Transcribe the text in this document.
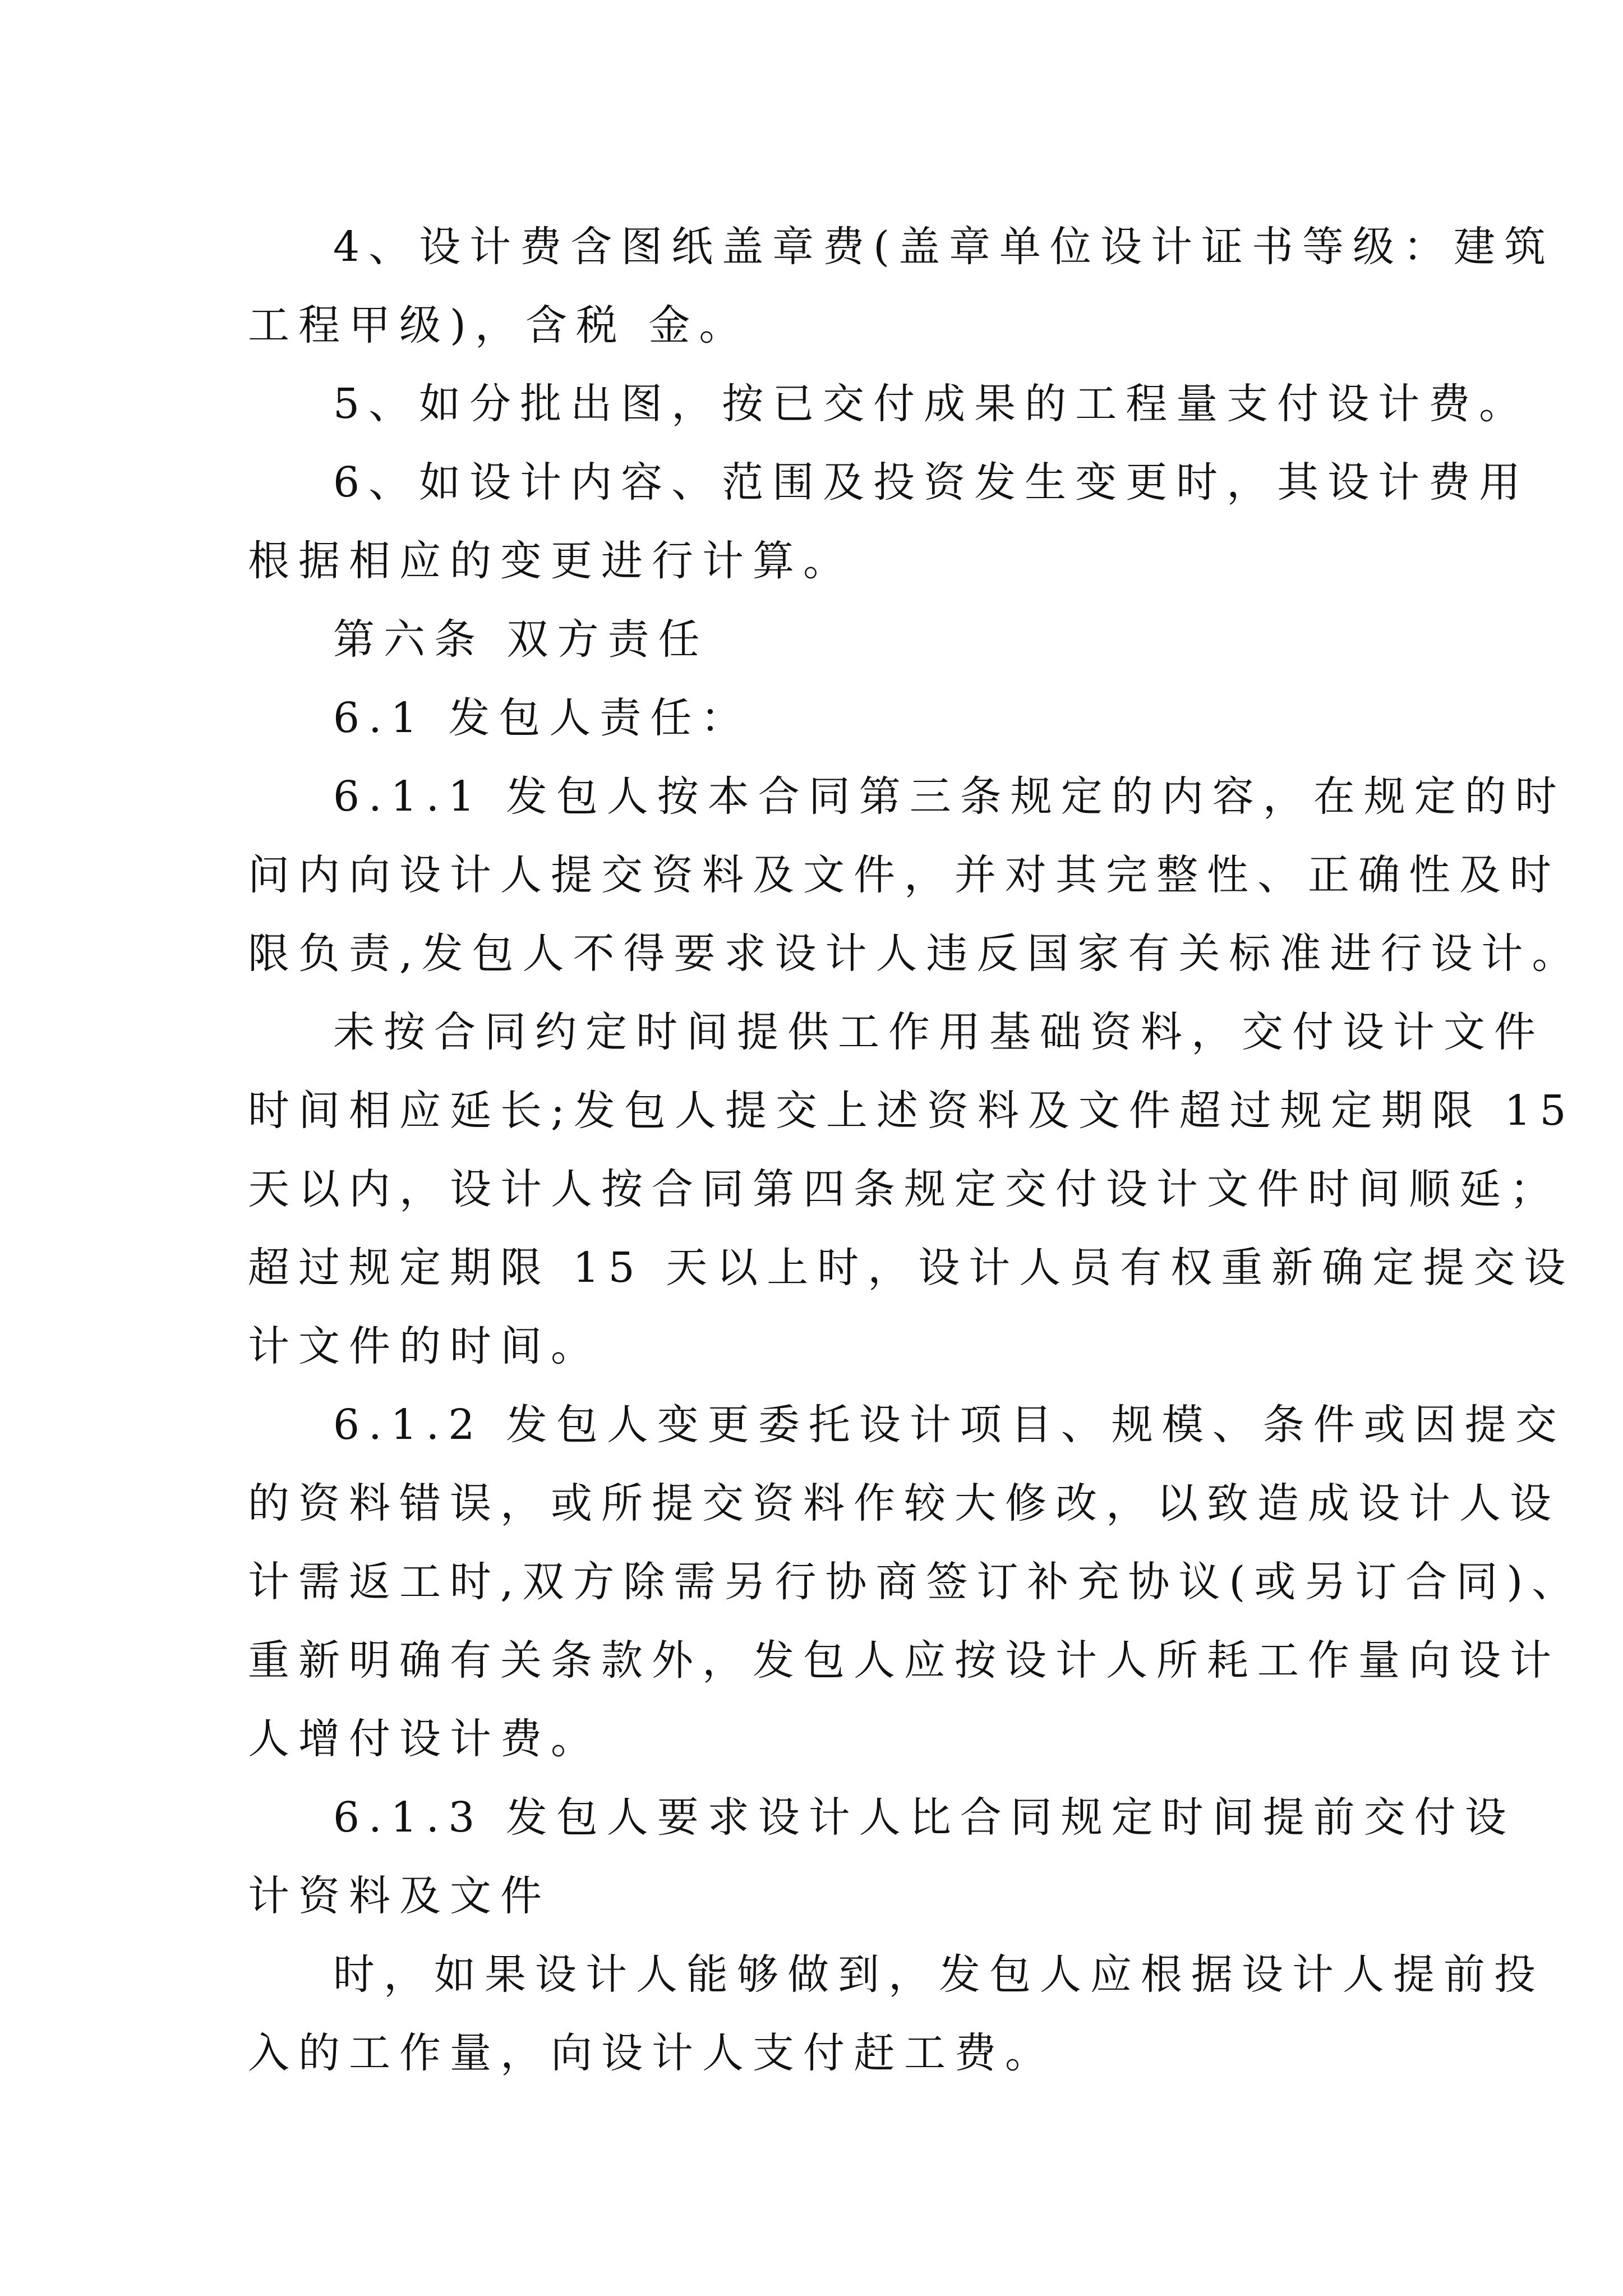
4、设计费含图纸盖章费(盖章单位设计证书等级：建筑
工程甲级)，含税 金。
5、如分批出图，按已交付成果的工程量支付设计费。
6、如设计内容、范围及投资发生变更时，其设计费用
根据相应的变更进行计算。
第六条 双方责任
6.1 发包人责任：
6.1.1 发包人按本合同第三条规定的内容，在规定的时
问内向设计人提交资料及文件，并对其完整性、正确性及时
限负责,发包人不得要求设计人违反国家有关标准进行设计。
未按合同约定时间提供工作用基础资料，交付设计文件
时间相应延长;发包人提交上述资料及文件超过规定期限 15
天以内，设计人按合同第四条规定交付设计文件时间顺延；
超过规定期限 15 天以上时，设计人员有权重新确定提交设
计文件的时间。
6.1.2 发包人变更委托设计项目、规模、条件或因提交
的资料错误，或所提交资料作较大修改，以致造成设计人设
计需返工时,双方除需另行协商签订补充协议(或另订合同)、
重新明确有关条款外，发包人应按设计人所耗工作量向设计
人增付设计费。
6.1.3 发包人要求设计人比合同规定时间提前交付设
计资料及文件
时，如果设计人能够做到，发包人应根据设计人提前投
入的工作量，向设计人支付赶工费。
